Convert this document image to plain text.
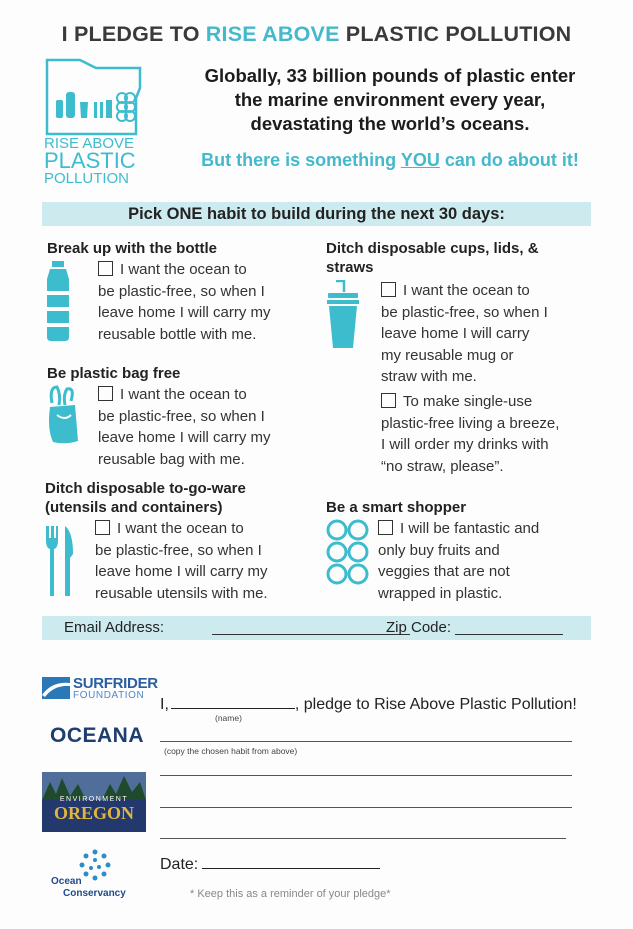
I PLEDGE TO RISE ABOVE PLASTIC POLLUTION
RISE ABOVE
PLASTIC
POLLUTION
Globally, 33 billion pounds of plastic enter
the marine environment every year,
devastating the world’s oceans.
But there is something YOU can do about it!
Pick ONE habit to build during the next 30 days:
Break up with the bottle
I want the ocean to
be plastic-free, so when I
leave home I will carry my
reusable bottle with me.
Be plastic bag free
I want the ocean to
be plastic-free, so when I
leave home I will carry my
reusable bag with me.
Ditch disposable to-go-ware
(utensils and containers)
I want the ocean to
be plastic-free, so when I
leave home I will carry my
reusable utensils with me.
Ditch disposable cups, lids, &
straws
I want the ocean to
be plastic-free, so when I
leave home I will carry
my reusable mug or
straw with me.
To make single-use
plastic-free living a breeze,
I will order my drinks with
“no straw, please”.
Be a smart shopper
I will be fantastic and
only buy fruits and
veggies that are not
wrapped in plastic.
Email Address:	Zip Code:
SURFRIDER
FOUNDATION
OCEANA
ENVIRONMENT
OREGON
Ocean
Conservancy
I,	, pledge to Rise Above Plastic Pollution!
(name)
(copy the chosen habit from above)
Date:
* Keep this as a reminder of your pledge*
